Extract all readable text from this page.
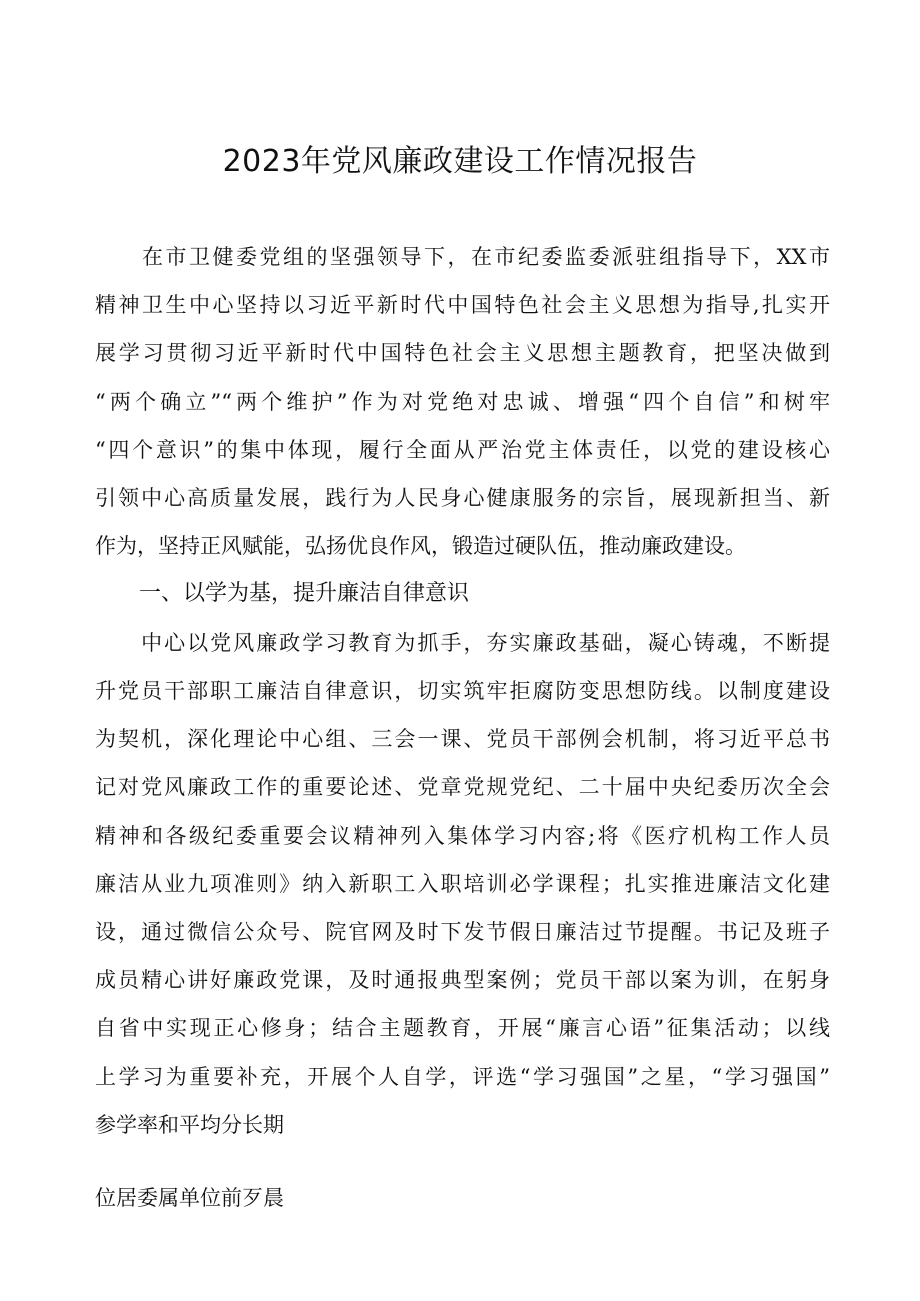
2023年党风廉政建设工作情况报告

　　在市卫健委党组的坚强领导下，在市纪委监委派驻组指导下，XX市

精神卫生中心坚持以习近平新时代中国特色社会主义思想为指导,扎实开

展学习贯彻习近平新时代中国特色社会主义思想主题教育，把坚决做到

“两个确立”“两个维护”作为对党绝对忠诚、增强“四个自信”和树牢

“四个意识”的集中体现，履行全面从严治党主体责任，以党的建设核心

引领中心高质量发展，践行为人民身心健康服务的宗旨，展现新担当、新

作为，坚持正风赋能，弘扬优良作风，锻造过硬队伍，推动廉政建设。

　　一、以学为基，提升廉洁自律意识

　　中心以党风廉政学习教育为抓手，夯实廉政基础，凝心铸魂，不断提

升党员干部职工廉洁自律意识，切实筑牢拒腐防变思想防线。以制度建设

为契机，深化理论中心组、三会一课、党员干部例会机制，将习近平总书

记对党风廉政工作的重要论述、党章党规党纪、二十届中央纪委历次全会

精神和各级纪委重要会议精神列入集体学习内容;将《医疗机构工作人员

廉洁从业九项准则》纳入新职工入职培训必学课程；扎实推进廉洁文化建

设，通过微信公众号、院官网及时下发节假日廉洁过节提醒。书记及班子

成员精心讲好廉政党课，及时通报典型案例；党员干部以案为训，在躬身

自省中实现正心修身；结合主题教育，开展“廉言心语”征集活动；以线

上学习为重要补充，开展个人自学，评选“学习强国”之星，“学习强国”

参学率和平均分长期

位居委属单位前歹晨
